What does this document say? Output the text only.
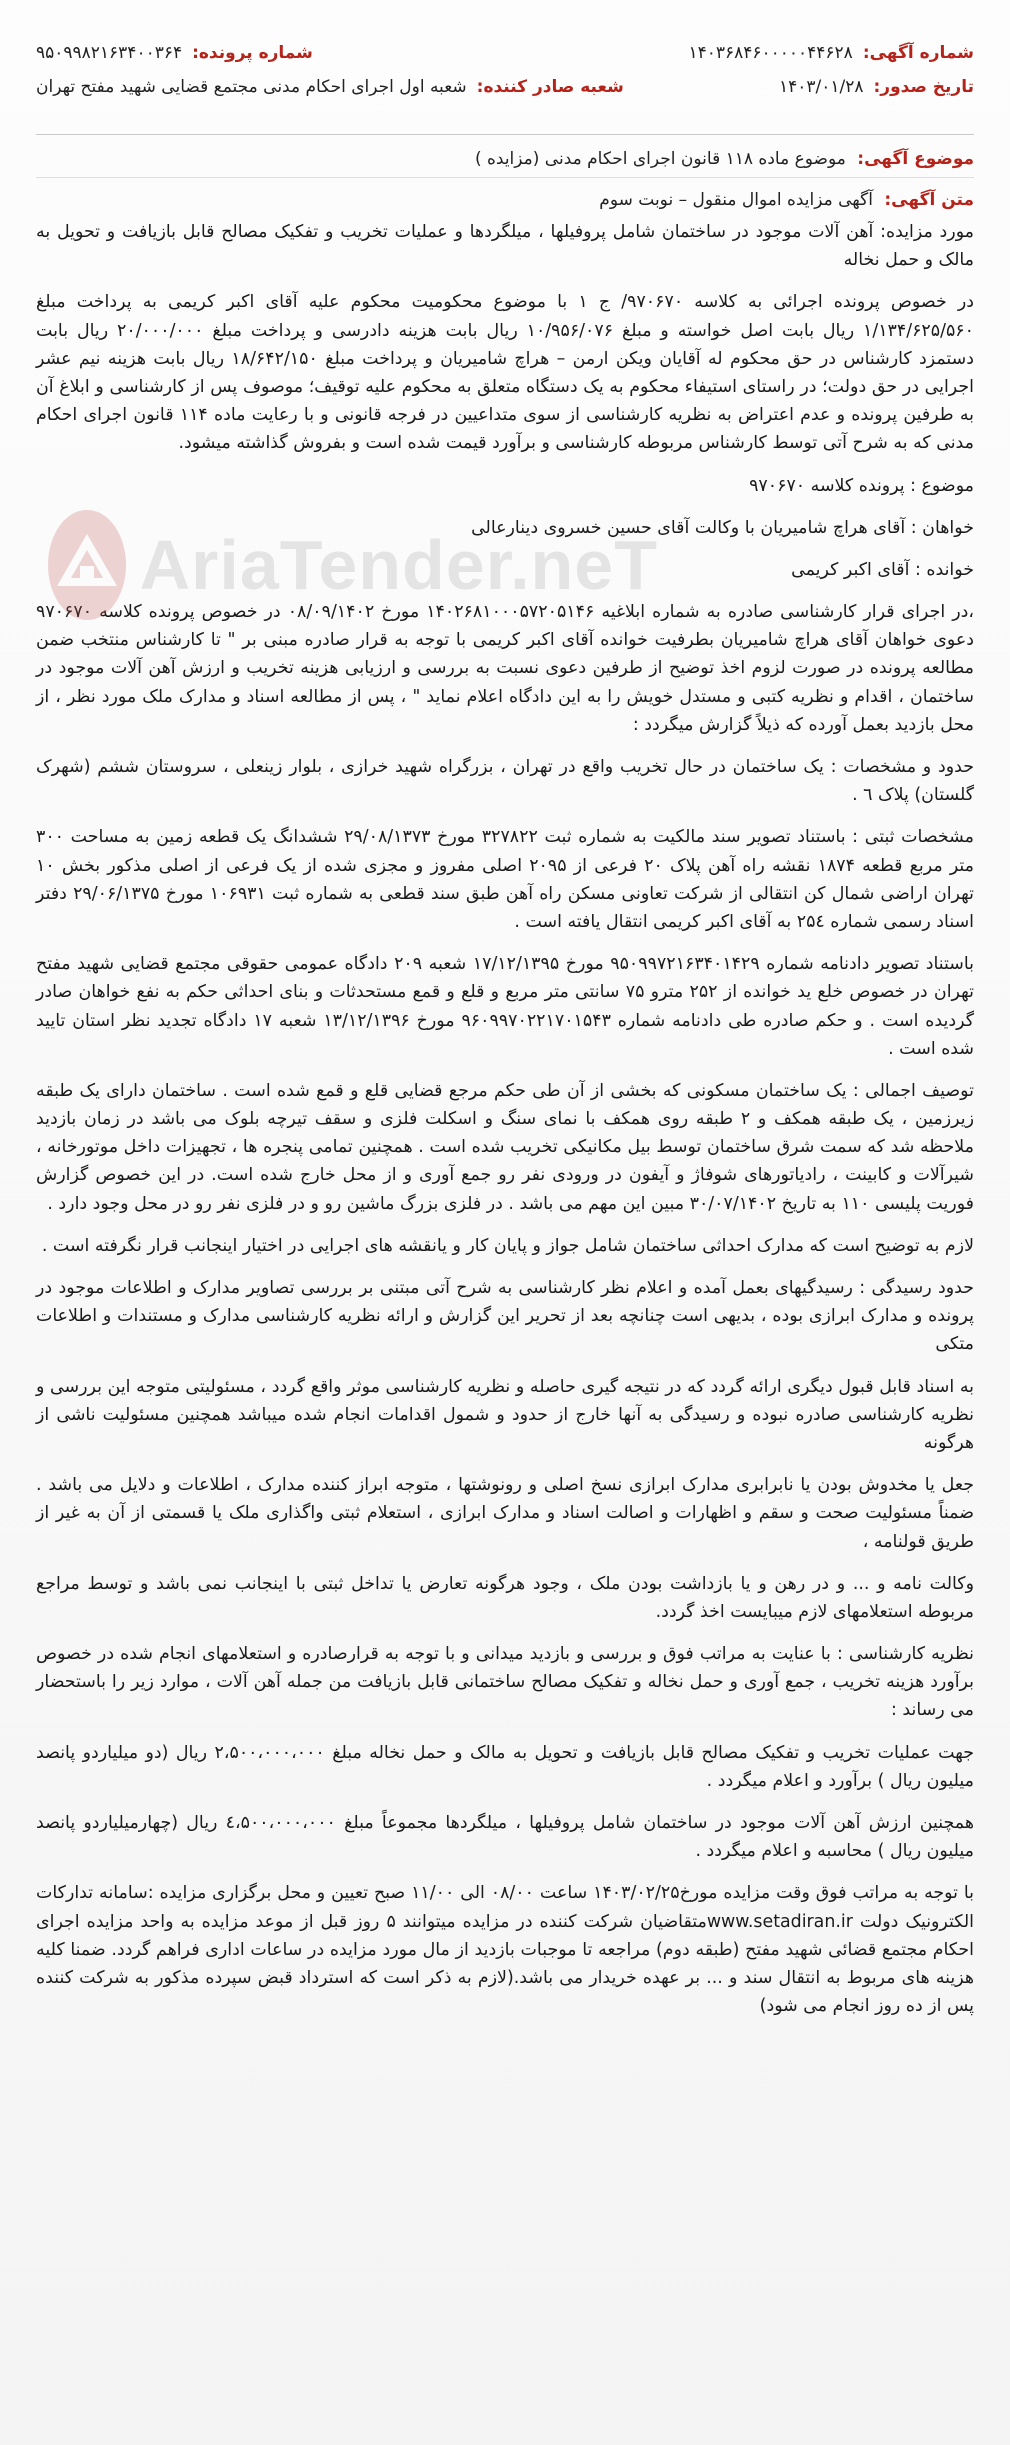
AriaTender.neT
شماره آگهی:
۱۴۰۳۶۸۴۶۰۰۰۰۰۴۴۶۲۸
شماره پرونده:
۹۵۰۹۹۸۲۱۶۳۴۰۰۳۶۴
تاریخ صدور:
۱۴۰۳/۰۱/۲۸
شعبه صادر کننده:
شعبه اول اجرای احکام مدنی مجتمع قضایی شهید مفتح تهران
موضوع آگهی: موضوع ماده ۱۱۸ قانون اجرای احکام مدنی (مزایده )
متن آگهی: آگهی مزایده اموال منقول – نوبت سوم

مورد مزایده: آهن آلات موجود در ساختمان شامل پروفیلها ، میلگردها و عملیات تخریب و تفکیک مصالح قابل بازیافت و تحویل به مالک و حمل نخاله

در خصوص پرونده اجرائی به کلاسه ۹۷۰۶۷۰/ ج ۱ با موضوع محکومیت محکوم علیه آقای اکبر کریمی به پرداخت مبلغ ۱/۱۳۴/۶۲۵/۵۶۰ ریال بابت اصل خواسته و مبلغ ۱۰/۹۵۶/۰۷۶ ریال بابت هزینه دادرسی و پرداخت مبلغ ۲۰/۰۰۰/۰۰۰ ریال بابت دستمزد کارشناس در حق محکوم له آقایان ویکن ارمن – هراچ شامیریان و پرداخت مبلغ ۱۸/۶۴۲/۱۵۰ ریال بابت هزینه نیم عشر اجرایی در حق دولت؛ در راستای استیفاء محکوم به یک دستگاه متعلق به محکوم علیه توقیف؛ موصوف پس از کارشناسی و ابلاغ آن به طرفین پرونده و عدم اعتراض به نظریه کارشناسی از سوی متداعیین در فرجه قانونی و با رعایت ماده ۱۱۴ قانون اجرای احکام مدنی که به شرح آتی توسط کارشناس مربوطه کارشناسی و برآورد قیمت شده است و بفروش گذاشته میشود.

موضوع : پرونده کلاسه ۹۷۰۶۷۰

خواهان : آقای هراچ شامیریان با وکالت آقای حسین خسروی دینارعالی

خوانده : آقای اکبر کریمی

،در اجرای قرار کارشناسی صادره به شماره ابلاغیه ۱۴۰۲۶۸۱۰۰۰۵۷۲۰۵۱۴۶ مورخ ۰۸/۰۹/۱۴۰۲ در خصوص پرونده کلاسه ۹۷۰۶۷۰ دعوی خواهان آقای هراچ شامیریان بطرفیت خوانده آقای اکبر کریمی با توجه به قرار صادره مبنی بر " تا کارشناس منتخب ضمن مطالعه پرونده در صورت لزوم اخذ توضیح از طرفین دعوی نسبت به بررسی و ارزیابی هزینه تخریب و ارزش آهن آلات موجود در ساختمان ، اقدام و نظریه کتبی و مستدل خویش را به این دادگاه اعلام نماید " ، پس از مطالعه اسناد و مدارک ملک مورد نظر ، از محل بازدید بعمل آورده که ذیلاً گزارش میگردد :

حدود و مشخصات : یک ساختمان در حال تخریب واقع در تهران ، بزرگراه شهید خرازی ، بلوار زینعلی ، سروستان ششم (شهرک گلستان) پلاک ٦ .

مشخصات ثبتی : باستناد تصویر سند مالکیت به شماره ثبت ۳۲۷۸۲۲ مورخ ۲۹/۰۸/۱۳۷۳ ششدانگ یک قطعه زمین به مساحت ۳۰۰ متر مربع قطعه ۱۸۷۴ نقشه راه آهن پلاک ۲۰ فرعی از ۲۰۹۵ اصلی مفروز و مجزی شده از یک فرعی از اصلی مذکور بخش ۱۰ تهران اراضی شمال کن انتقالی از شرکت تعاونی مسکن راه آهن طبق سند قطعی به شماره ثبت ۱۰۶۹۳۱ مورخ ۲۹/۰۶/۱۳۷۵ دفتر اسناد رسمی شماره ۲۵٤ به آقای اکبر کریمی انتقال یافته است .

باستناد تصویر دادنامه شماره ۹۵۰۹۹۷۲۱۶۳۴۰۱۴۲۹ مورخ ۱۷/۱۲/۱۳۹۵ شعبه ۲۰۹ دادگاه عمومی حقوقی مجتمع قضایی شهید مفتح تهران در خصوص خلع ید خوانده از ۲۵۲ مترو ۷۵ سانتی متر مربع و قلع و قمع مستحدثات و بنای احداثی حکم به نفع خواهان صادر گردیده است . و حکم صادره طی دادنامه شماره ۹۶۰۹۹۷۰۲۲۱۷۰۱۵۴۳ مورخ ۱۳/۱۲/۱۳۹۶ شعبه ۱۷ دادگاه تجدید نظر استان تایید شده است .

توصیف اجمالی : یک ساختمان مسکونی که بخشی از آن طی حکم مرجع قضایی قلع و قمع شده است . ساختمان دارای یک طبقه زیرزمین ، یک طبقه همکف و ۲ طبقه روی همکف با نمای سنگ و اسکلت فلزی و سقف تیرچه بلوک می باشد در زمان بازدید ملاحظه شد که سمت شرق ساختمان توسط بیل مکانیکی تخریب شده است . همچنین تمامی پنجره ها ، تجهیزات داخل موتورخانه ، شیرآلات و کابینت ، رادیاتورهای شوفاژ و آیفون در ورودی نفر رو جمع آوری و از محل خارج شده است. در این خصوص گزارش فوریت پلیسی ۱۱۰ به تاریخ ۳۰/۰۷/۱۴۰۲ مبین این مهم می باشد . در فلزی بزرگ ماشین رو و در فلزی نفر رو در محل وجود دارد .

لازم به توضیح است که مدارک احداثی ساختمان شامل جواز و پایان کار و یانقشه های اجرایی در اختیار اینجانب قرار نگرفته است .

حدود رسیدگی : رسیدگیهای بعمل آمده و اعلام نظر کارشناسی به شرح آتی مبتنی بر بررسی تصاویر مدارک و اطلاعات موجود در پرونده و مدارک ابرازی بوده ، بدیهی است چنانچه بعد از تحریر این گزارش و ارائه نظریه کارشناسی مدارک و مستندات و اطلاعات متکی

به اسناد قابل قبول دیگری ارائه گردد که در نتیجه گیری حاصله و نظریه کارشناسی موثر واقع گردد ، مسئولیتی متوجه این بررسی و نظریه کارشناسی صادره نبوده و رسیدگی به آنها خارج از حدود و شمول اقدامات انجام شده میباشد همچنین مسئولیت ناشی از هرگونه

جعل یا مخدوش بودن یا نابرابری مدارک ابرازی نسخ اصلی و رونوشتها ، متوجه ابراز کننده مدارک ، اطلاعات و دلایل می باشد . ضمناً مسئولیت صحت و سقم و اظهارات و اصالت اسناد و مدارک ابرازی ، استعلام ثبتی واگذاری ملک یا قسمتی از آن به غیر از طریق قولنامه ،

وکالت نامه و ... و در رهن و یا بازداشت بودن ملک ، وجود هرگونه تعارض یا تداخل ثبتی با اینجانب نمی باشد و توسط مراجع مربوطه استعلامهای لازم میبایست اخذ گردد.

نظریه کارشناسی : با عنایت به مراتب فوق و بررسی و بازدید میدانی و با توجه به قرارصادره و استعلامهای انجام شده در خصوص برآورد هزینه تخریب ، جمع آوری و حمل نخاله و تفکیک مصالح ساختمانی قابل بازیافت من جمله آهن آلات ، موارد زیر را باستحضار می رساند :

جهت عملیات تخریب و تفکیک مصالح قابل بازیافت و تحویل به مالک و حمل نخاله مبلغ ۲،۵۰۰،۰۰۰،۰۰۰ ریال (دو میلیاردو پانصد میلیون ریال ) برآورد و اعلام میگردد .

همچنین ارزش آهن آلات موجود در ساختمان شامل پروفیلها ، میلگردها مجموعاً مبلغ ٤،۵۰۰،۰۰۰،۰۰۰ ریال (چهارمیلیاردو پانصد میلیون ریال ) محاسبه و اعلام میگردد .

با توجه به مراتب فوق وقت مزایده مورخ۱۴۰۳/۰۲/۲۵ ساعت ۰۸/۰۰ الی ۱۱/۰۰ صبح تعیین و محل برگزاری مزایده :سامانه تدارکات الکترونیک دولت www.setadiran.irمتقاضیان شرکت کننده در مزایده میتوانند ۵ روز قبل از موعد مزایده به واحد مزایده اجرای احکام مجتمع قضائی شهید مفتح (طبقه دوم) مراجعه تا موجبات بازدید از مال مورد مزایده در ساعات اداری فراهم گردد. ضمنا کلیه هزینه های مربوط به انتقال سند و ... بر عهده خریدار می باشد.(لازم به ذکر است که استرداد قبض سپرده مذکور به شرکت کننده پس از ده روز انجام می شود)
